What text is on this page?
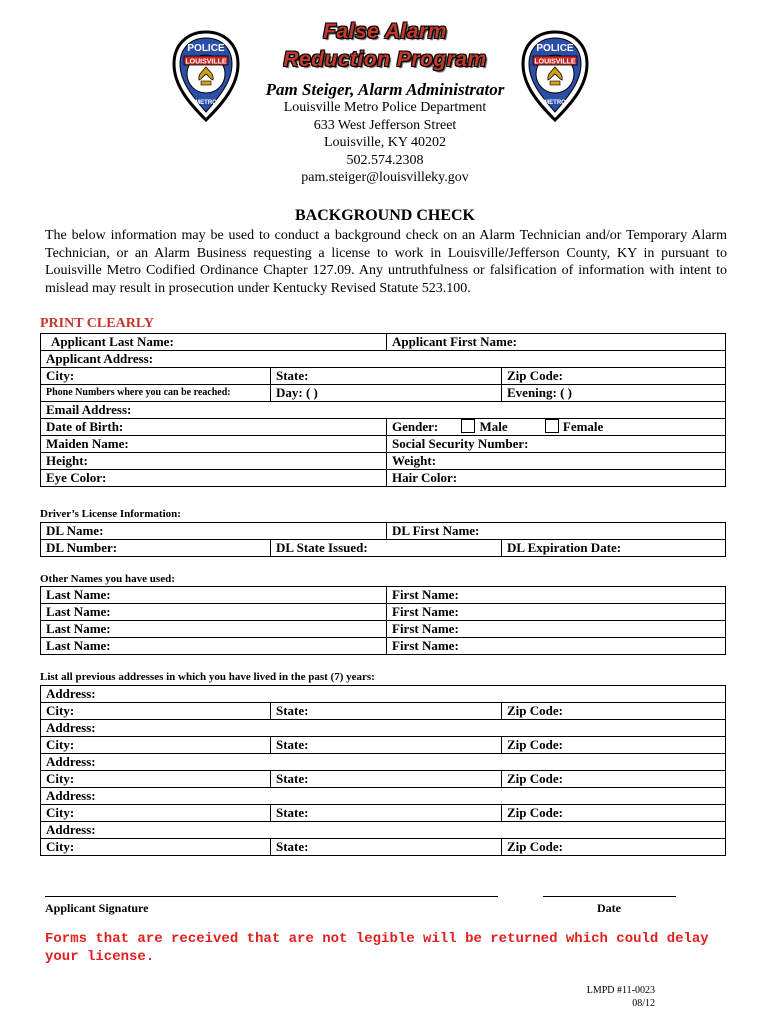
LOUISVILLE
POLICE
METRO
LOUISVILLE
POLICE
METRO
False Alarm
Reduction Program
Pam Steiger, Alarm Administrator
Louisville Metro Police Department
633 West Jefferson Street
Louisville, KY 40202
502.574.2308
pam.steiger@louisvilleky.gov
BACKGROUND CHECK
The below information may be used to conduct a background check on an Alarm Technician and/or Temporary Alarm Technician, or an Alarm Business requesting a license to work in Louisville/Jefferson County, KY in pursuant to Louisville Metro Codified Ordinance Chapter 127.09. Any untruthfulness or falsification of information with intent to mislead may result in prosecution under Kentucky Revised Statute 523.100.
PRINT CLEARLY
Applicant Last Name:		Applicant First Name:	
Applicant Address:			
City:	State:		Zip Code:
Phone Numbers where you can be reached:	Day: ( )		Evening: ( )
Email Address:			
Date of Birth:		Gender: Male Female	
Maiden Name:		Social Security Number:	
Height:		Weight:	
Eye Color:		Hair Color:	
Driver’s License Information:
DL Name:		DL First Name:	
DL Number:	DL State Issued:		DL Expiration Date:
Other Names you have used:
Last Name:	First Name:
Last Name:	First Name:
Last Name:	First Name:
Last Name:	First Name:
List all previous addresses in which you have lived in the past (7) years:
Address:		
City:	State:	Zip Code:
Address:		
City:	State:	Zip Code:
Address:		
City:	State:	Zip Code:
Address:		
City:	State:	Zip Code:
Address:		
City:	State:	Zip Code:
Applicant Signature	Date
Forms that are received that are not legible will be returned which could delay your license.
LMPD #11-0023
08/12
